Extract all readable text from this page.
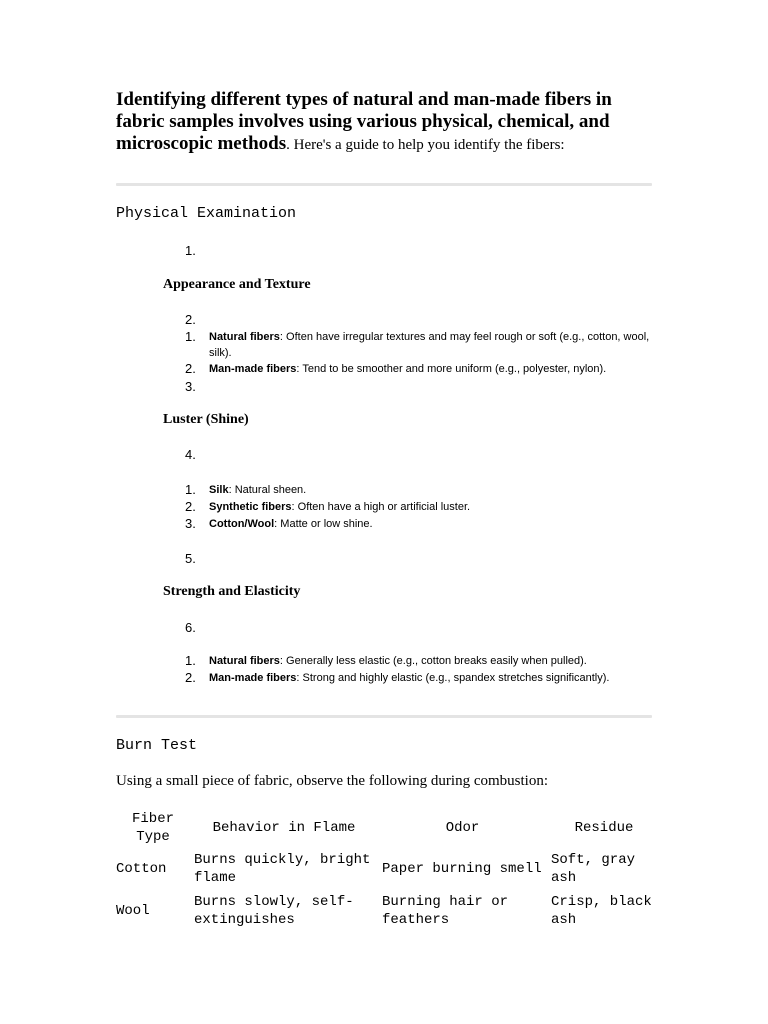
Identifying different types of natural and man-made fibers in fabric samples involves using various physical, chemical, and microscopic methods. Here's a guide to help you identify the fibers:
Physical Examination
1.
Appearance and Texture
2.
1. Natural fibers: Often have irregular textures and may feel rough or soft (e.g., cotton, wool, silk).
2. Man-made fibers: Tend to be smoother and more uniform (e.g., polyester, nylon).
3.
Luster (Shine)
4.
1. Silk: Natural sheen.
2. Synthetic fibers: Often have a high or artificial luster.
3. Cotton/Wool: Matte or low shine.
5.
Strength and Elasticity
6.
1. Natural fibers: Generally less elastic (e.g., cotton breaks easily when pulled).
2. Man-made fibers: Strong and highly elastic (e.g., spandex stretches significantly).
Burn Test
Using a small piece of fabric, observe the following during combustion:
Fiber Type	Behavior in Flame	Odor	Residue
Cotton	Burns quickly, bright flame	Paper burning smell	Soft, gray ash
Wool	Burns slowly, self-extinguishes	Burning hair or feathers	Crisp, black ash
